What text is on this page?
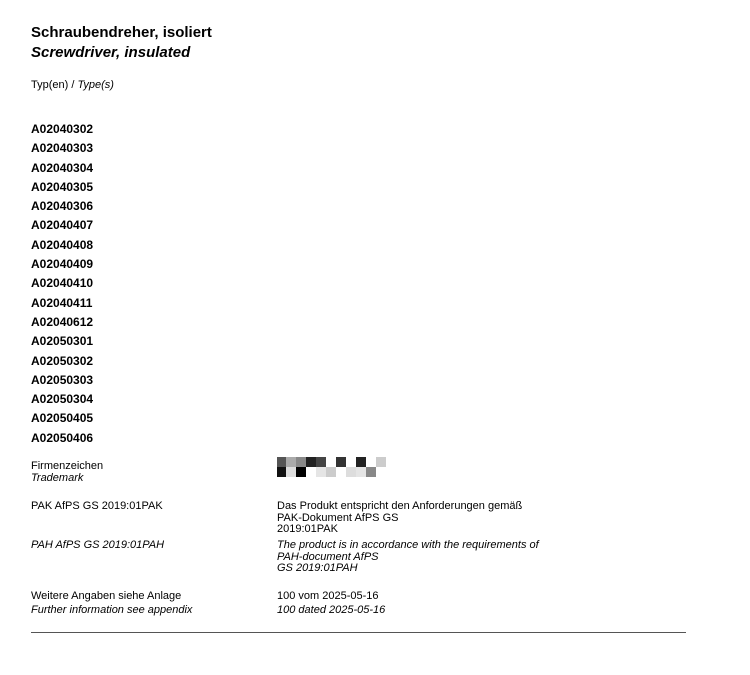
Schraubendreher, isoliert
Screwdriver, insulated
Typ(en) / Type(s)
A02040302
A02040303
A02040304
A02040305
A02040306
A02040407
A02040408
A02040409
A02040410
A02040411
A02040612
A02050301
A02050302
A02050303
A02050304
A02050405
A02050406
Firmenzeichen
Trademark
PAK AfPS GS 2019:01PAK	Das Produkt entspricht den Anforderungen gemäß
PAK-Dokument AfPS GS
2019:01PAK
PAH AfPS GS 2019:01PAH	The product is in accordance with the requirements of
PAH-document AfPS
GS 2019:01PAH
Weitere Angaben siehe Anlage	100 vom 2025-05-16
Further information see appendix	100 dated 2025-05-16
